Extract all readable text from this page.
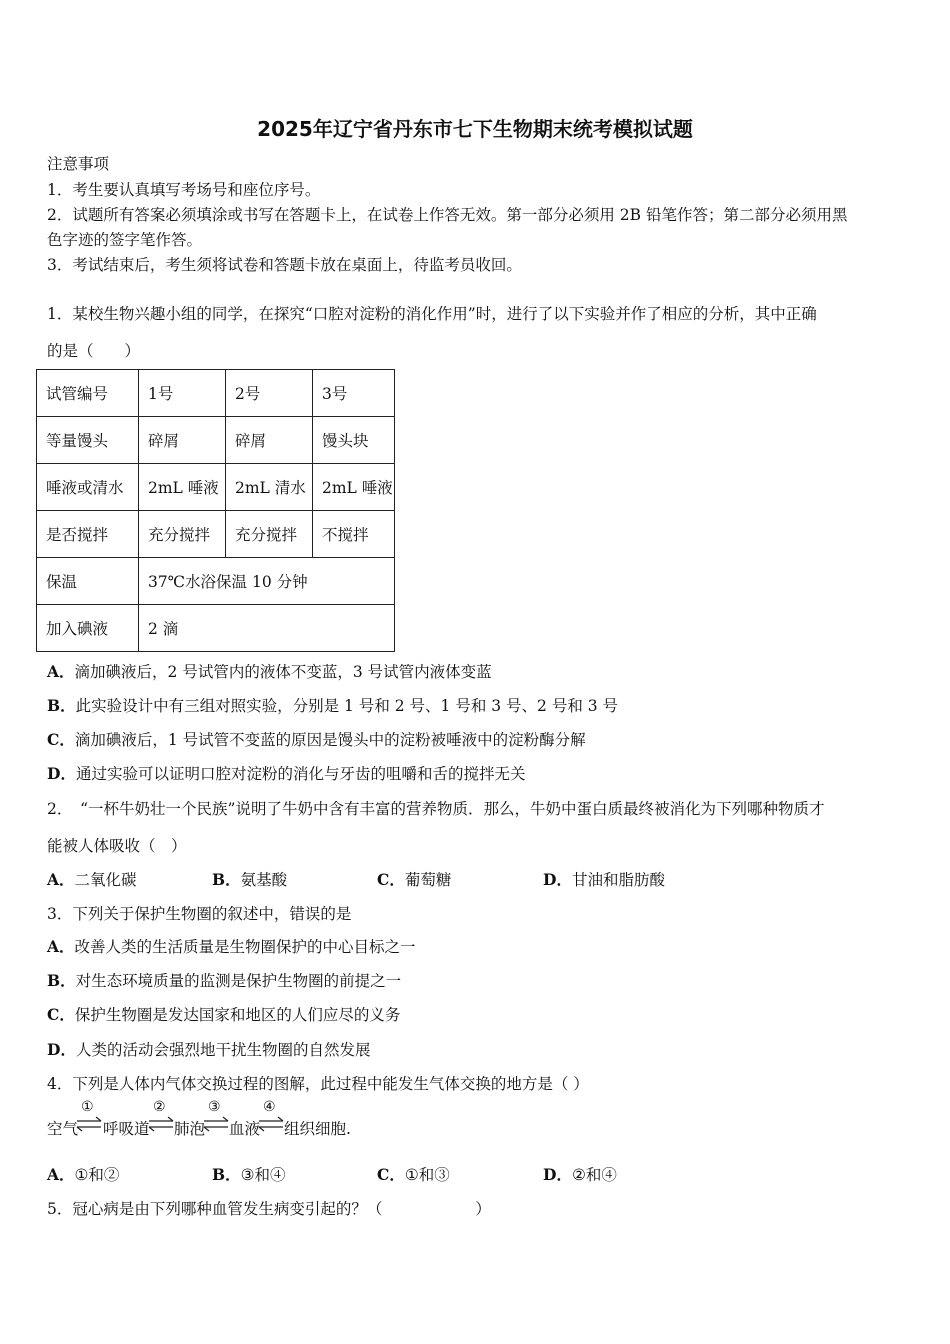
2025年辽宁省丹东市七下生物期末统考模拟试题
注意事项
1．考生要认真填写考场号和座位序号。
2．试题所有答案必须填涂或书写在答题卡上，在试卷上作答无效。第一部分必须用 2B 铅笔作答；第二部分必须用黑
色字迹的签字笔作答。
3．考试结束后，考生须将试卷和答题卡放在桌面上，待监考员收回。
1．某校生物兴趣小组的同学，在探究“口腔对淀粉的消化作用”时，进行了以下实验并作了相应的分析，其中正确
的是（　　）
试管编号	1号	2号	3号
等量馒头	碎屑	碎屑	馒头块
唾液或清水	2mL 唾液	2mL 清水	2mL 唾液
是否搅拌	充分搅拌	充分搅拌	不搅拌
保温	37℃水浴保温 10 分钟		
加入碘液	2 滴		
A．滴加碘液后，2 号试管内的液体不变蓝，3 号试管内液体变蓝
B．此实验设计中有三组对照实验，分别是 1 号和 2 号、1 号和 3 号、2 号和 3 号
C．滴加碘液后，1 号试管不变蓝的原因是馒头中的淀粉被唾液中的淀粉酶分解
D．通过实验可以证明口腔对淀粉的消化与牙齿的咀嚼和舌的搅拌无关
2．　“一杯牛奶壮一个民族”说明了牛奶中含有丰富的营养物质．那么，牛奶中蛋白质最终被消化为下列哪种物质才
能被人体吸收（　）
A．二氧化碳	B．氨基酸	C．葡萄糖	D．甘油和脂肪酸
3．下列关于保护生物圈的叙述中，错误的是
A．改善人类的生活质量是生物圈保护的中心目标之一
B．对生态环境质量的监测是保护生物圈的前提之一
C．保护生物圈是发达国家和地区的人们应尽的义务
D．人类的活动会强烈地干扰生物圈的自然发展
4．下列是人体内气体交换过程的图解，此过程中能发生气体交换的地方是（ ）
空气
①
呼吸道
②
肺泡
③
血液
④
组织细胞.
A．①和②	B．③和④	C．①和③	D．②和④
5．冠心病是由下列哪种血管发生病变引起的？（　　　　　　）
